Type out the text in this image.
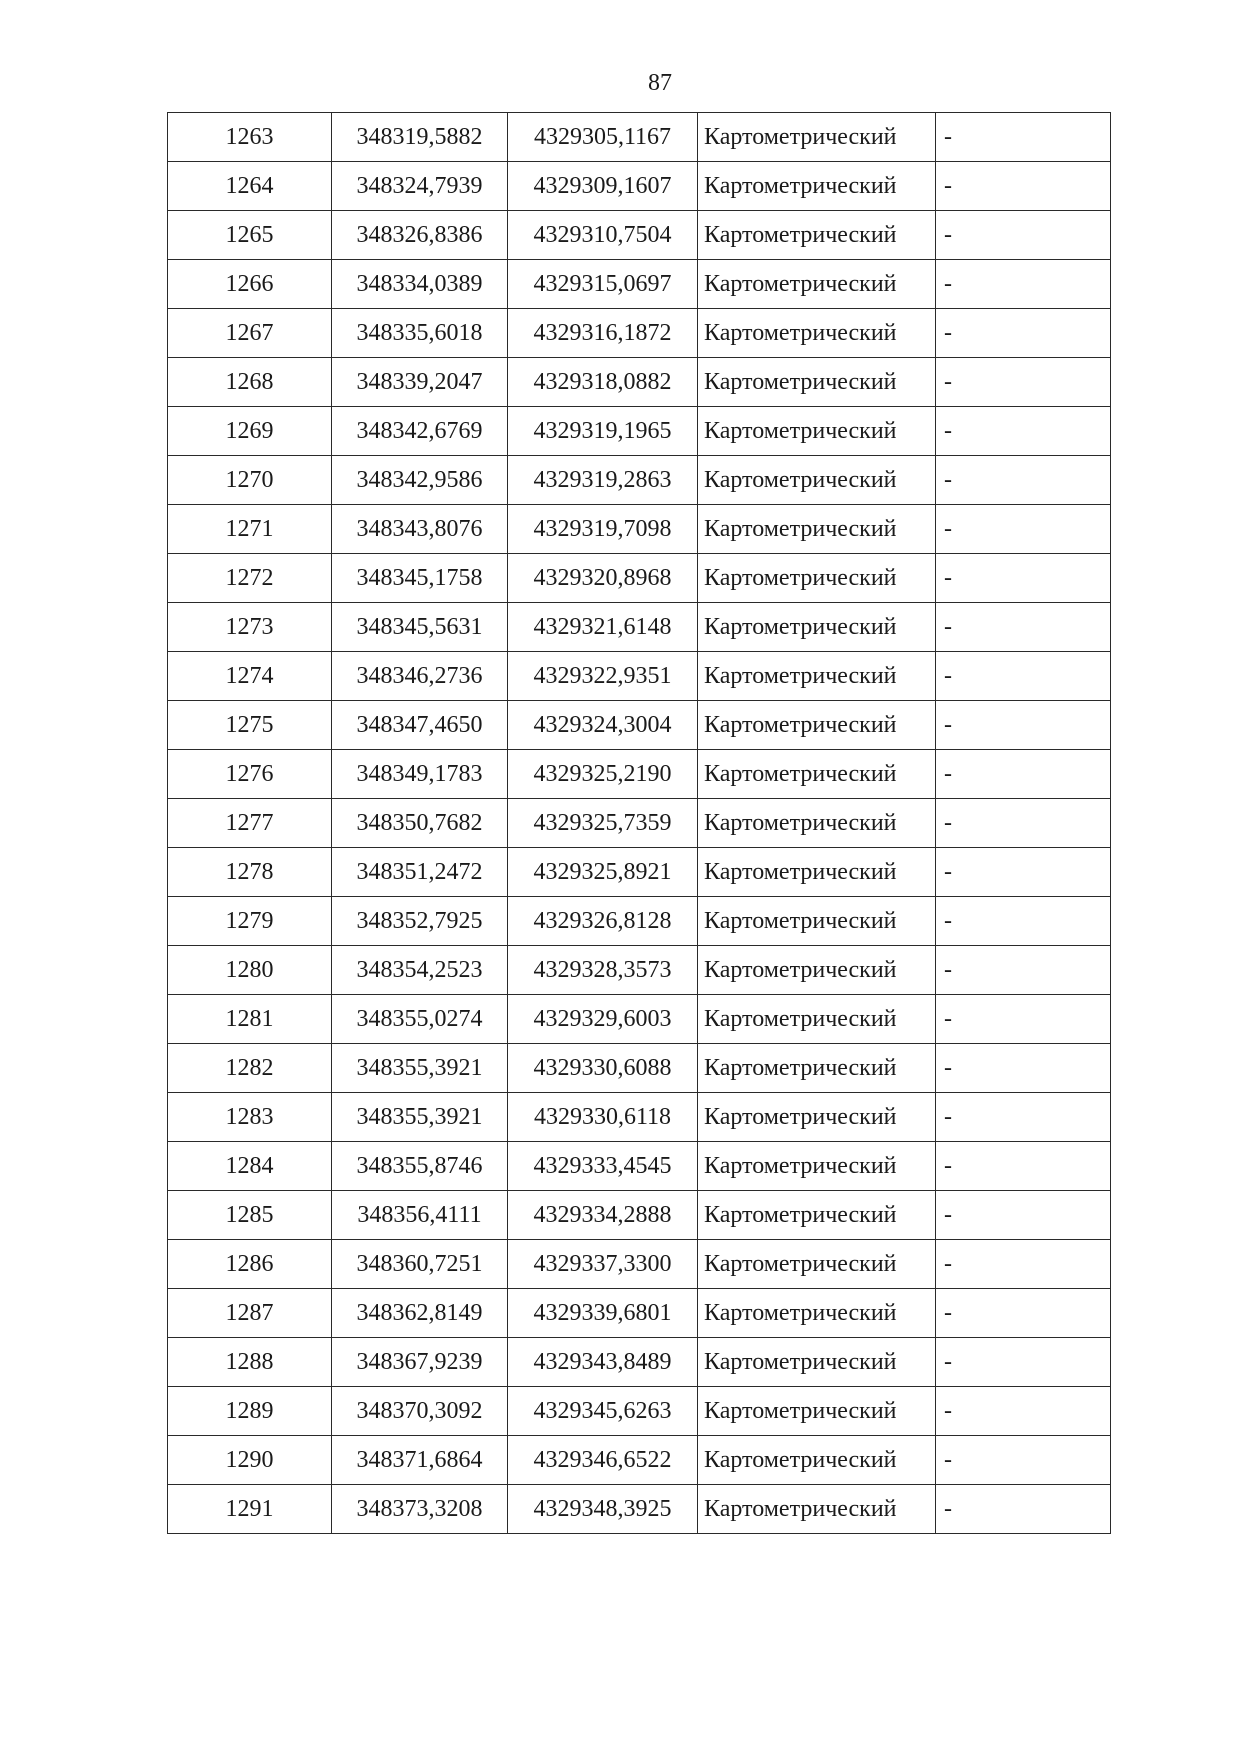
87
1263	348319,5882	4329305,1167	Картометрический	-
1264	348324,7939	4329309,1607	Картометрический	-
1265	348326,8386	4329310,7504	Картометрический	-
1266	348334,0389	4329315,0697	Картометрический	-
1267	348335,6018	4329316,1872	Картометрический	-
1268	348339,2047	4329318,0882	Картометрический	-
1269	348342,6769	4329319,1965	Картометрический	-
1270	348342,9586	4329319,2863	Картометрический	-
1271	348343,8076	4329319,7098	Картометрический	-
1272	348345,1758	4329320,8968	Картометрический	-
1273	348345,5631	4329321,6148	Картометрический	-
1274	348346,2736	4329322,9351	Картометрический	-
1275	348347,4650	4329324,3004	Картометрический	-
1276	348349,1783	4329325,2190	Картометрический	-
1277	348350,7682	4329325,7359	Картометрический	-
1278	348351,2472	4329325,8921	Картометрический	-
1279	348352,7925	4329326,8128	Картометрический	-
1280	348354,2523	4329328,3573	Картометрический	-
1281	348355,0274	4329329,6003	Картометрический	-
1282	348355,3921	4329330,6088	Картометрический	-
1283	348355,3921	4329330,6118	Картометрический	-
1284	348355,8746	4329333,4545	Картометрический	-
1285	348356,4111	4329334,2888	Картометрический	-
1286	348360,7251	4329337,3300	Картометрический	-
1287	348362,8149	4329339,6801	Картометрический	-
1288	348367,9239	4329343,8489	Картометрический	-
1289	348370,3092	4329345,6263	Картометрический	-
1290	348371,6864	4329346,6522	Картометрический	-
1291	348373,3208	4329348,3925	Картометрический	-
